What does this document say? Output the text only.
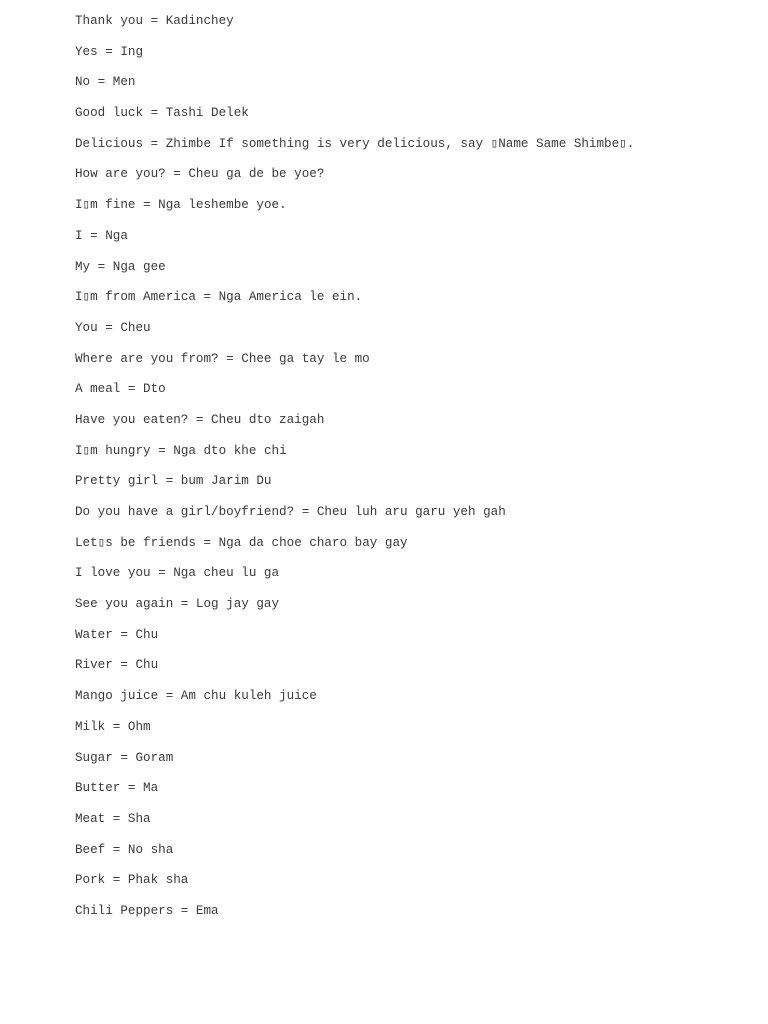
Thank you = Kadinchey
Yes = Ing
No = Men
Good luck = Tashi Delek
Delicious = Zhimbe If something is very delicious, say ▯Name Same Shimbe▯.
How are you? = Cheu ga de be yoe?
I▯m fine = Nga leshembe yoe.
I = Nga
My = Nga gee
I▯m from America = Nga America le ein.
You = Cheu
Where are you from? = Chee ga tay le mo
A meal = Dto
Have you eaten? = Cheu dto zaigah
I▯m hungry = Nga dto khe chi
Pretty girl = bum Jarim Du
Do you have a girl/boyfriend? = Cheu luh aru garu yeh gah
Let▯s be friends = Nga da choe charo bay gay
I love you = Nga cheu lu ga
See you again = Log jay gay
Water = Chu
River = Chu
Mango juice = Am chu kuleh juice
Milk = Ohm
Sugar = Goram
Butter = Ma
Meat = Sha
Beef = No sha
Pork = Phak sha
Chili Peppers = Ema
